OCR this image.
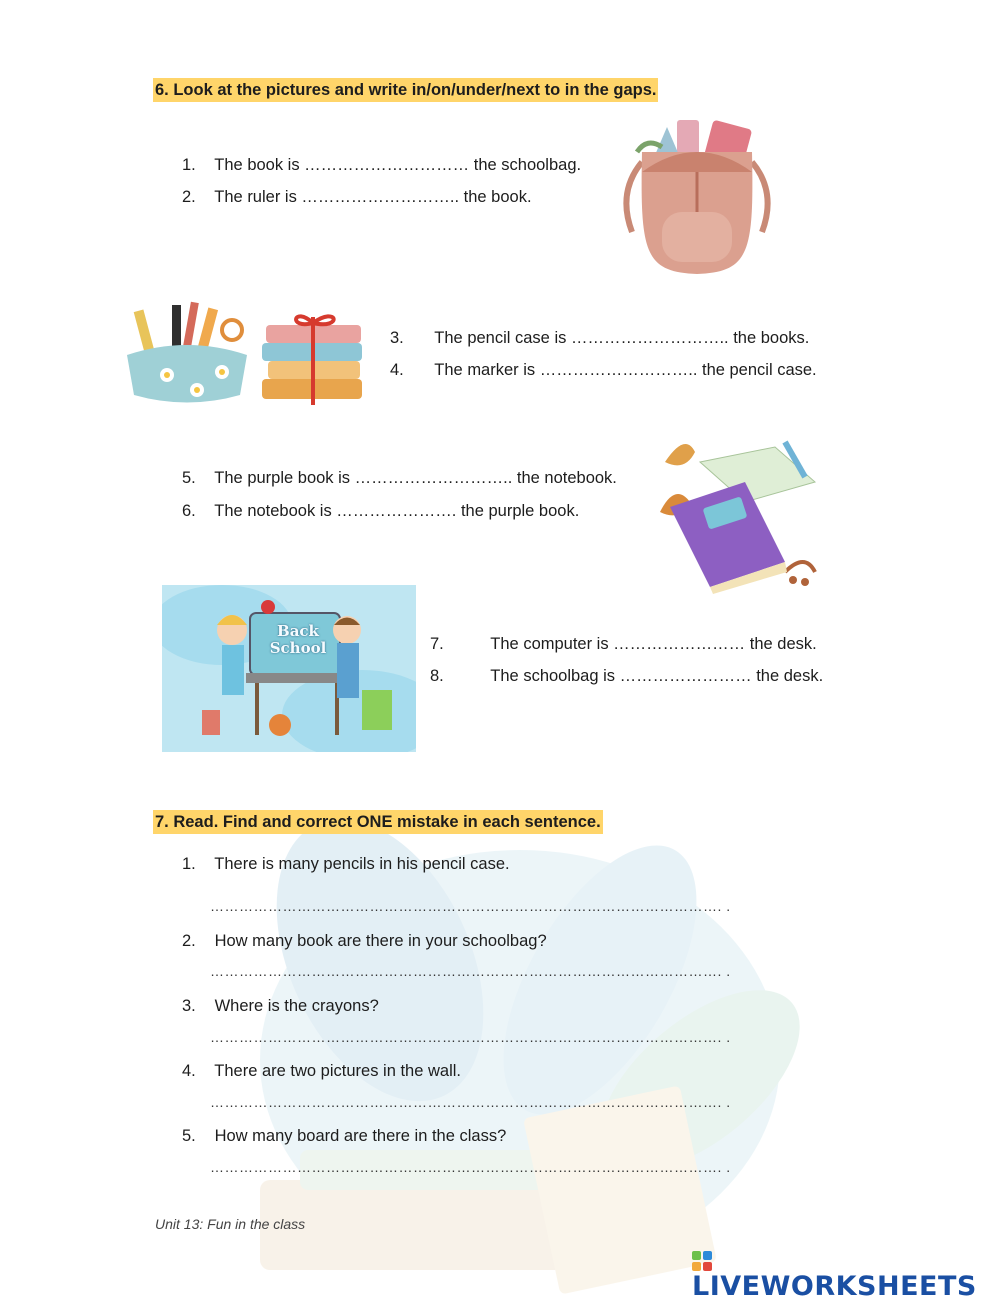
6. Look at the pictures and write in/on/under/next to in the gaps.
1. The book is ………………………… the schoolbag.
2. The ruler is ……………………….. the book.
3. The pencil case is ……………………….. the books.
4. The marker is ……………………….. the pencil case.
5. The purple book is ……………………….. the notebook.
6. The notebook is …………………. the purple book.
Back
School	7.	The computer is …………………… the desk.
8.	The schoolbag is …………………… the desk.
7. Read. Find and correct ONE mistake in each sentence.
1. There is many pencils in his pencil case.
……………………………………………………………………………………………. .
2. How many book are there in your schoolbag?
……………………………………………………………………………………………. .
3. Where is the crayons?
……………………………………………………………………………………………. .
4. There are two pictures in the wall.
……………………………………………………………………………………………. .
5. How many board are there in the class?
……………………………………………………………………………………………. .
Unit 13: Fun in the class
LIVEWORKSHEETS
